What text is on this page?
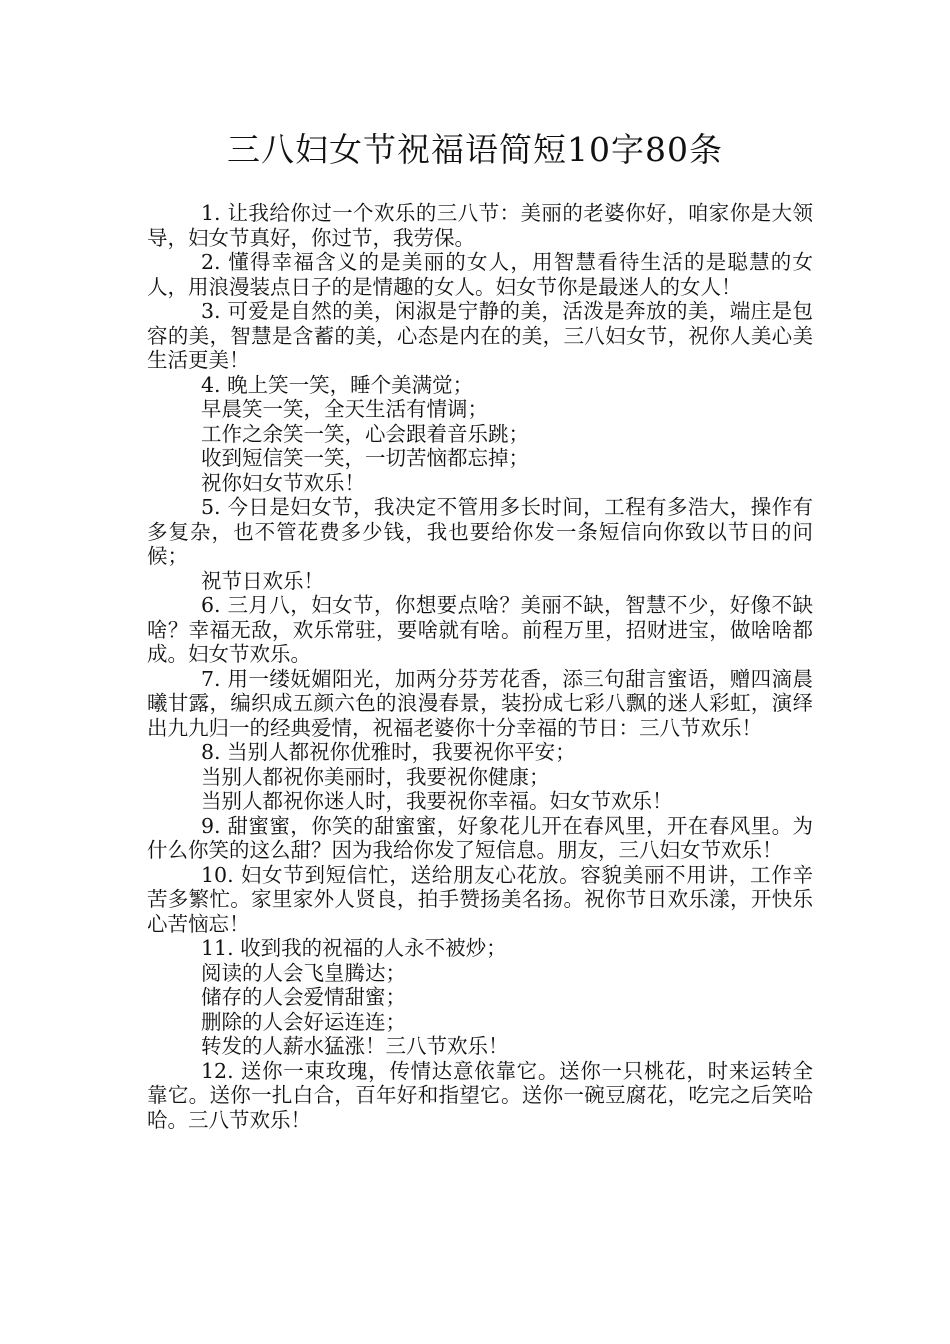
三八妇女节祝福语简短10字80条

1. 让我给你过一个欢乐的三八节：美丽的老婆你好，咱家你是大领导，妇女节真好，你过节，我劳保。

2. 懂得幸福含义的是美丽的女人，用智慧看待生活的是聪慧的女人，用浪漫装点日子的是情趣的女人。妇女节你是最迷人的女人！

3. 可爱是自然的美，闲淑是宁静的美，活泼是奔放的美，端庄是包容的美，智慧是含蓄的美，心态是内在的美，三八妇女节，祝你人美心美生活更美！

4. 晚上笑一笑，睡个美满觉；

早晨笑一笑，全天生活有情调；

工作之余笑一笑，心会跟着音乐跳；

收到短信笑一笑，一切苦恼都忘掉；

祝你妇女节欢乐！

5. 今日是妇女节，我决定不管用多长时间，工程有多浩大，操作有多复杂，也不管花费多少钱，我也要给你发一条短信向你致以节日的问候；

祝节日欢乐！

6. 三月八，妇女节，你想要点啥？美丽不缺，智慧不少，好像不缺啥？幸福无敌，欢乐常驻，要啥就有啥。前程万里，招财进宝，做啥啥都成。妇女节欢乐。

7. 用一缕妩媚阳光，加两分芬芳花香，添三句甜言蜜语，赠四滴晨曦甘露，编织成五颜六色的浪漫春景，装扮成七彩八飘的迷人彩虹，演绎出九九归一的经典爱情，祝福老婆你十分幸福的节日：三八节欢乐！

8. 当别人都祝你优雅时，我要祝你平安；

当别人都祝你美丽时，我要祝你健康；

当别人都祝你迷人时，我要祝你幸福。妇女节欢乐！

9. 甜蜜蜜，你笑的甜蜜蜜，好象花儿开在春风里，开在春风里。为什么你笑的这么甜？因为我给你发了短信息。朋友，三八妇女节欢乐！

10. 妇女节到短信忙，送给朋友心花放。容貌美丽不用讲，工作辛苦多繁忙。家里家外人贤良，拍手赞扬美名扬。祝你节日欢乐漾，开快乐心苦恼忘！

11. 收到我的祝福的人永不被炒；

阅读的人会飞皇腾达；

储存的人会爱情甜蜜；

删除的人会好运连连；

转发的人薪水猛涨！三八节欢乐！

12. 送你一束玫瑰，传情达意依靠它。送你一只桃花，时来运转全靠它。送你一扎白合，百年好和指望它。送你一碗豆腐花，吃完之后笑哈哈。三八节欢乐！
